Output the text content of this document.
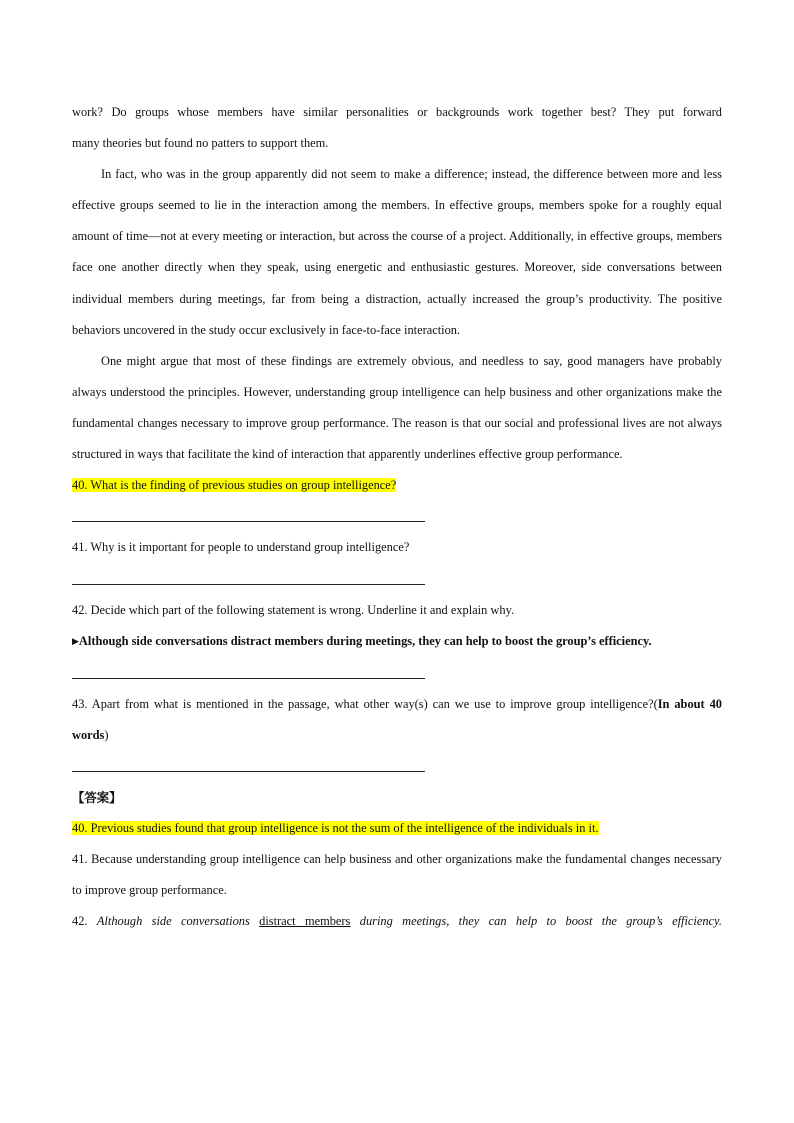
work? Do groups whose members have similar personalities or backgrounds work together best? They put forward

many theories but found no patters to support them.

In fact, who was in the group apparently did not seem to make a difference; instead, the difference between more and less effective groups seemed to lie in the interaction among the members. In effective groups, members spoke for a roughly equal amount of time—not at every meeting or interaction, but across the course of a project. Additionally, in effective groups, members face one another directly when they speak, using energetic and enthusiastic gestures. Moreover, side conversations between individual members during meetings, far from being a distraction, actually increased the group’s productivity. The positive behaviors uncovered in the study occur exclusively in face-to-face interaction.

One might argue that most of these findings are extremely obvious, and needless to say, good managers have probably always understood the principles. However, understanding group intelligence can help business and other organizations make the fundamental changes necessary to improve group performance. The reason is that our social and professional lives are not always structured in ways that facilitate the kind of interaction that apparently underlines effective group performance.

40. What is the finding of previous studies on group intelligence?

41. Why is it important for people to understand group intelligence?

42. Decide which part of the following statement is wrong. Underline it and explain why.

▶Although side conversations distract members during meetings, they can help to boost the group’s efficiency.

43. Apart from what is mentioned in the passage, what other way(s) can we use to improve group intelligence?(In about 40 words)

【答案】

40. Previous studies found that group intelligence is not the sum of the intelligence of the individuals in it.

41. Because understanding group intelligence can help business and other organizations make the fundamental changes necessary to improve group performance.

42. Although side conversations distract members during meetings, they can help to boost the group’s efficiency.
